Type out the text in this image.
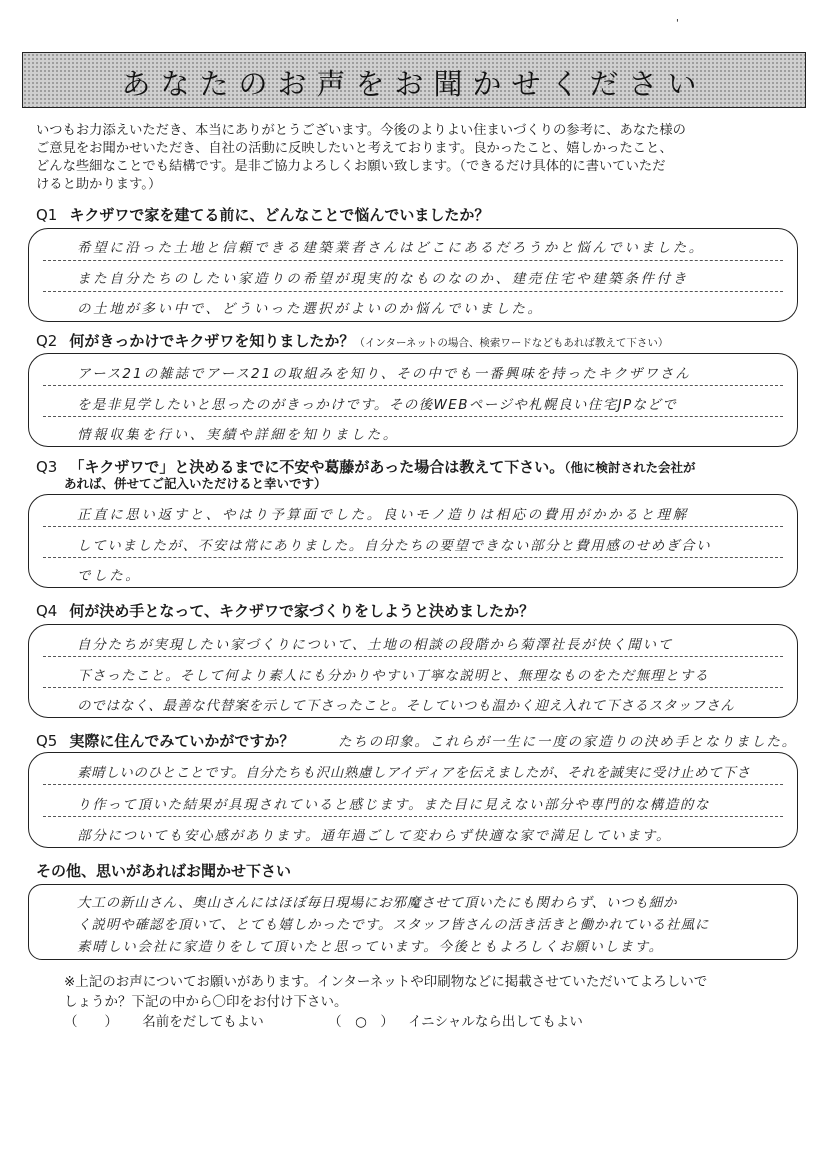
'
あなたのお声をお聞かせください
いつもお力添えいただき、本当にありがとうございます。今後のよりよい住まいづくりの参考に、あなた様の
ご意見をお聞かせいただき、自社の活動に反映したいと考えております。良かったこと、嬉しかったこと、
どんな些細なことでも結構です。是非ご協力よろしくお願い致します。（できるだけ具体的に書いていただ
けると助かります。）
Q1 キクザワで家を建てる前に、どんなことで悩んでいましたか？
希望に沿った土地と信頼できる建築業者さんはどこにあるだろうかと悩んでいました。
また自分たちのしたい家造りの希望が現実的なものなのか、建売住宅や建築条件付き
の土地が多い中で、どういった選択がよいのか悩んでいました。
Q2 何がきっかけでキクザワを知りましたか？（インターネットの場合、検索ワードなどもあれば教えて下さい）
アース21の雑誌でアース21の取組みを知り、その中でも一番興味を持ったキクザワさん
を是非見学したいと思ったのがきっかけです。その後WEBページや札幌良い住宅JPなどで
情報収集を行い、実績や詳細を知りました。
Q3 「キクザワで」と決めるまでに不安や葛藤があった場合は教えて下さい。（他に検討された会社が
あれば、併せてご記入いただけると幸いです）
正直に思い返すと、やはり予算面でした。良いモノ造りは相応の費用がかかると理解
していましたが、不安は常にありました。自分たちの要望できない部分と費用感のせめぎ合い
でした。
Q4 何が決め手となって、キクザワで家づくりをしようと決めましたか？
自分たちが実現したい家づくりについて、土地の相談の段階から菊澤社長が快く聞いて
下さったこと。そして何より素人にも分かりやすい丁寧な説明と、無理なものをただ無理とする
のではなく、最善な代替案を示して下さったこと。そしていつも温かく迎え入れて下さるスタッフさん
Q5 実際に住んでみていかがですか？	たちの印象。これらが一生に一度の家造りの決め手となりました。
素晴しいのひとことです。自分たちも沢山熟慮しアイディアを伝えましたが、それを誠実に受け止めて下さ
り作って頂いた結果が具現されていると感じます。また目に見えない部分や専門的な構造的な
部分についても安心感があります。通年過ごして変わらず快適な家で満足しています。
その他、思いがあればお聞かせ下さい
大工の新山さん、奥山さんにはほぼ毎日現場にお邪魔させて頂いたにも関わらず、いつも細か
く説明や確認を頂いて、とても嬉しかったです。スタッフ皆さんの活き活きと働かれている社風に
素晴しい会社に家造りをして頂いたと思っています。今後ともよろしくお願いします。
※上記のお声についてお願いがあります。インターネットや印刷物などに掲載させていただいてよろしいで
しょうか？下記の中から〇印をお付け下さい。
（　　） 名前をだしてもよい	（　○　） イニシャルなら出してもよい
